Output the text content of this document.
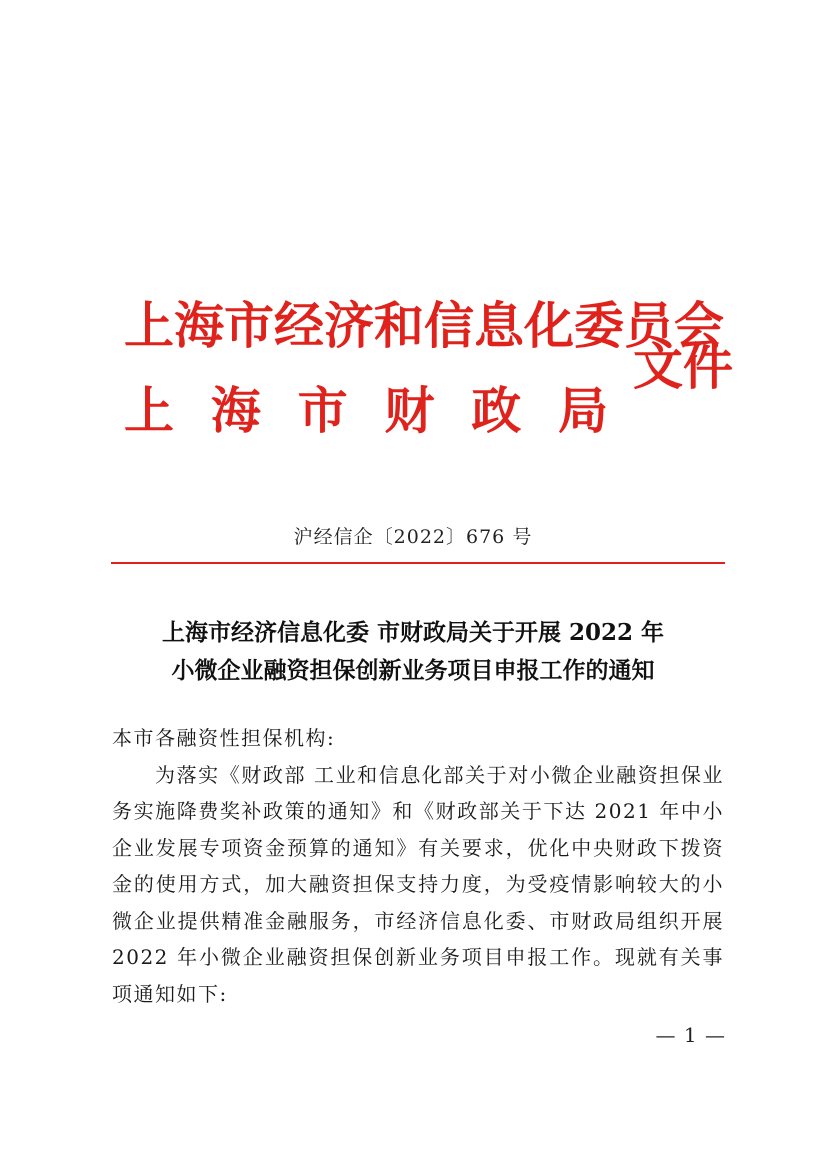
上海市经济和信息化委员会
上 海 市 财 政 局
文件
沪经信企〔2022〕676 号
上海市经济信息化委 市财政局关于开展 2022 年
小微企业融资担保创新业务项目申报工作的通知

本市各融资性担保机构:

为落实《财政部 工业和信息化部关于对小微企业融资担保业务实施降费奖补政策的通知》和《财政部关于下达 2021 年中小企业发展专项资金预算的通知》有关要求，优化中央财政下拨资金的使用方式，加大融资担保支持力度，为受疫情影响较大的小微企业提供精准金融服务，市经济信息化委、市财政局组织开展 2022 年小微企业融资担保创新业务项目申报工作。现就有关事项通知如下:

— 1 —
